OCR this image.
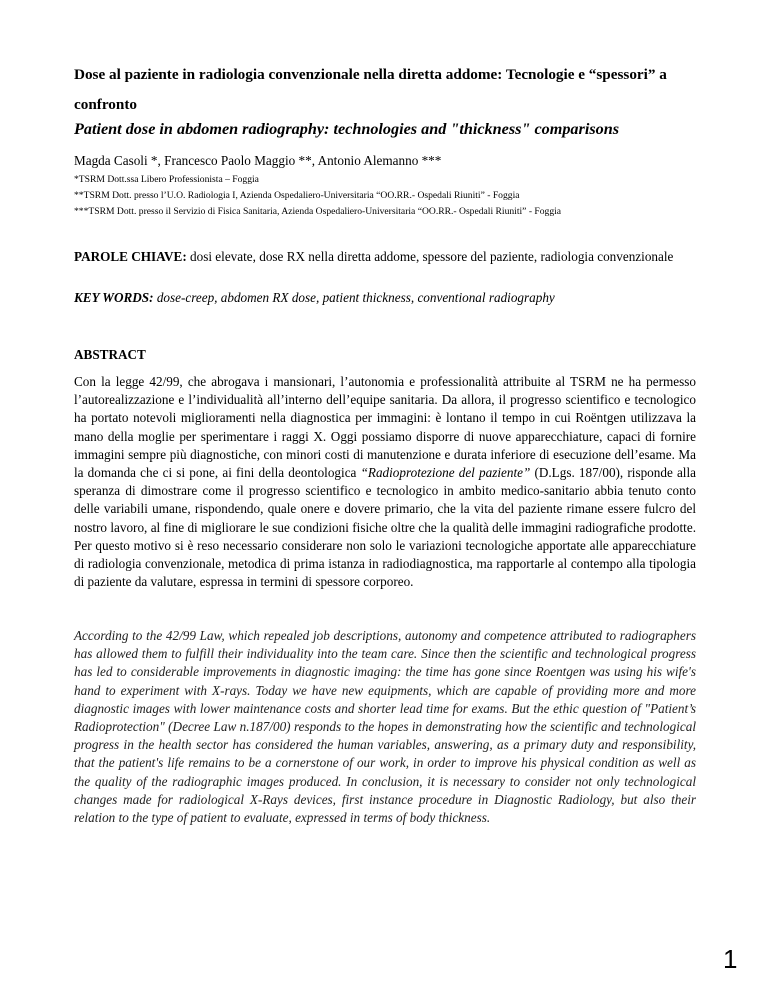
Dose al paziente in radiologia convenzionale nella diretta addome: Tecnologie e “spessori” a confronto
Patient dose in abdomen radiography: technologies and "thickness" comparisons
Magda Casoli *, Francesco Paolo Maggio **, Antonio Alemanno ***
*TSRM Dott.ssa Libero Professionista – Foggia
**TSRM Dott. presso l’U.O. Radiologia I, Azienda Ospedaliero-Universitaria “OO.RR.- Ospedali Riuniti” - Foggia
***TSRM Dott. presso il Servizio di Fisica Sanitaria, Azienda Ospedaliero-Universitaria “OO.RR.- Ospedali Riuniti” - Foggia
PAROLE CHIAVE: dosi elevate, dose RX nella diretta addome, spessore del paziente, radiologia convenzionale
KEY WORDS: dose-creep, abdomen RX dose, patient thickness, conventional radiography
ABSTRACT
Con la legge 42/99, che abrogava i mansionari, l’autonomia e professionalità attribuite al TSRM ne ha permesso l’autorealizzazione e l’individualità all’interno dell’equipe sanitaria. Da allora, il progresso scientifico e tecnologico ha portato notevoli miglioramenti nella diagnostica per immagini: è lontano il tempo in cui Roëntgen utilizzava la mano della moglie per sperimentare i raggi X. Oggi possiamo disporre di nuove apparecchiature, capaci di fornire immagini sempre più diagnostiche, con minori costi di manutenzione e durata inferiore di esecuzione dell’esame. Ma la domanda che ci si pone, ai fini della deontologica “Radioprotezione del paziente” (D.Lgs. 187/00), risponde alla speranza di dimostrare come il progresso scientifico e tecnologico in ambito medico-sanitario abbia tenuto conto delle variabili umane, rispondendo, quale onere e dovere primario, che la vita del paziente rimane essere fulcro del nostro lavoro, al fine di migliorare le sue condizioni fisiche oltre che la qualità delle immagini radiografiche prodotte. Per questo motivo si è reso necessario considerare non solo le variazioni tecnologiche apportate alle apparecchiature di radiologia convenzionale, metodica di prima istanza in radiodiagnostica, ma rapportarle al contempo alla tipologia di paziente da valutare, espressa in termini di spessore corporeo.
According to the 42/99 Law, which repealed job descriptions, autonomy and competence attributed to radiographers has allowed them to fulfill their individuality into the team care. Since then the scientific and technological progress has led to considerable improvements in diagnostic imaging: the time has gone since Roentgen was using his wife's hand to experiment with X-rays. Today we have new equipments, which are capable of providing more and more diagnostic images with lower maintenance costs and shorter lead time for exams. But the ethic question of "Patient’s Radioprotection" (Decree Law n.187/00) responds to the hopes in demonstrating how the scientific and technological progress in the health sector has considered the human variables, answering, as a primary duty and responsibility, that the patient's life remains to be a cornerstone of our work, in order to improve his physical condition as well as the quality of the radiographic images produced. In conclusion, it is necessary to consider not only technological changes made for radiological X-Rays devices, first instance procedure in Diagnostic Radiology, but also their relation to the type of patient to evaluate, expressed in terms of body thickness.
1
